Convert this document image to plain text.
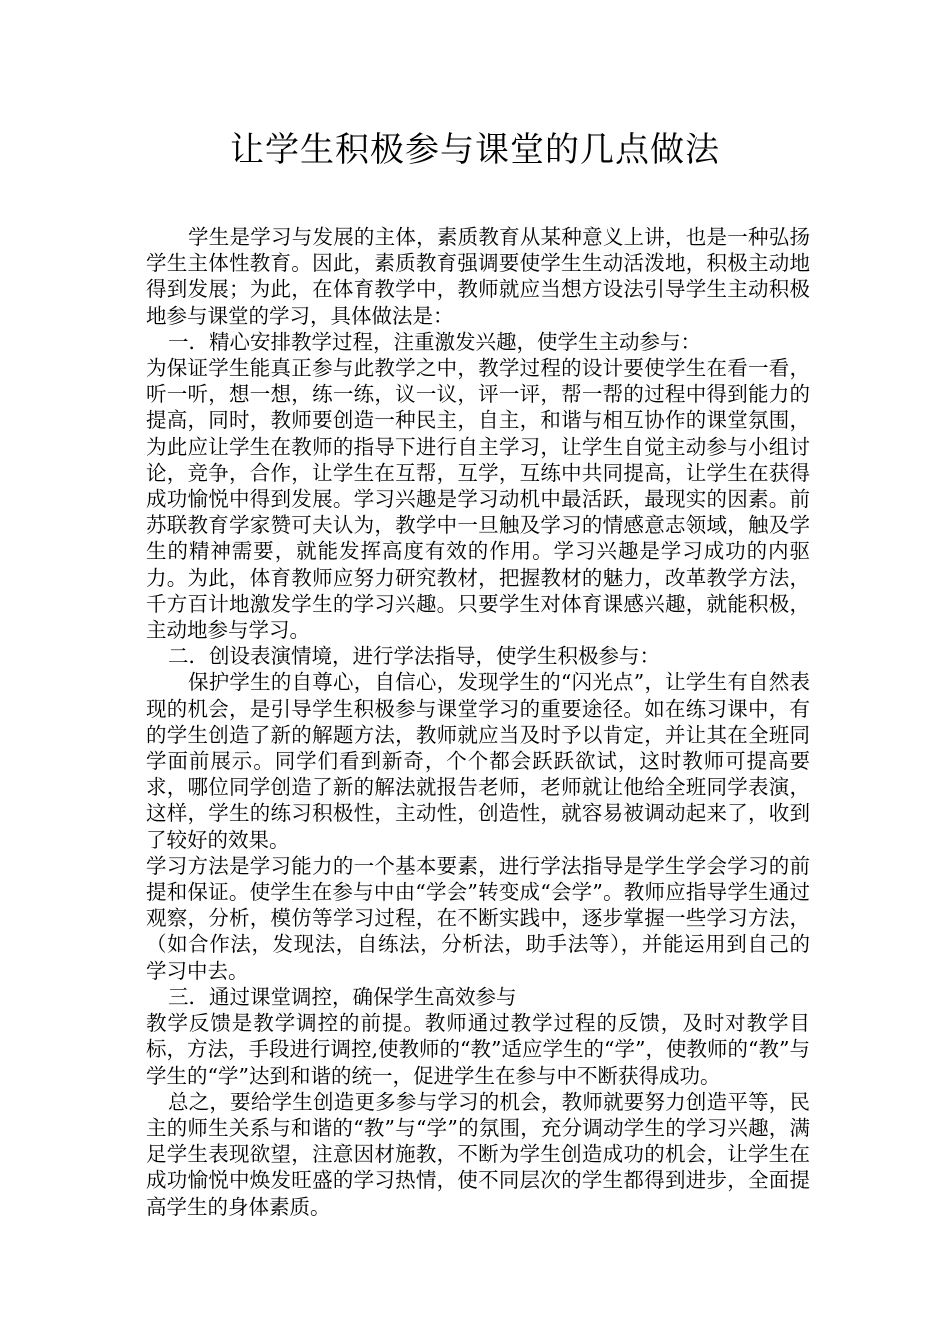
让学生积极参与课堂的几点做法

学生是学习与发展的主体，素质教育从某种意义上讲，也是一种弘扬学生主体性教育。因此，素质教育强调要使学生生动活泼地，积极主动地得到发展；为此，在体育教学中，教师就应当想方设法引导学生主动积极地参与课堂的学习，具体做法是：

一．精心安排教学过程，注重激发兴趣，使学生主动参与：

为保证学生能真正参与此教学之中，教学过程的设计要使学生在看一看，听一听，想一想，练一练，议一议，评一评，帮一帮的过程中得到能力的提高，同时，教师要创造一种民主，自主，和谐与相互协作的课堂氛围，为此应让学生在教师的指导下进行自主学习，让学生自觉主动参与小组讨论，竞争，合作，让学生在互帮，互学，互练中共同提高，让学生在获得成功愉悦中得到发展。学习兴趣是学习动机中最活跃，最现实的因素。前苏联教育学家赞可夫认为，教学中一旦触及学习的情感意志领域，触及学生的精神需要，就能发挥高度有效的作用。学习兴趣是学习成功的内驱力。为此，体育教师应努力研究教材，把握教材的魅力，改革教学方法，千方百计地激发学生的学习兴趣。只要学生对体育课感兴趣，就能积极，主动地参与学习。

二．创设表演情境，进行学法指导，使学生积极参与：

保护学生的自尊心，自信心，发现学生的“闪光点”，让学生有自然表现的机会，是引导学生积极参与课堂学习的重要途径。如在练习课中，有的学生创造了新的解题方法，教师就应当及时予以肯定，并让其在全班同学面前展示。同学们看到新奇，个个都会跃跃欲试，这时教师可提高要求，哪位同学创造了新的解法就报告老师，老师就让他给全班同学表演，这样，学生的练习积极性，主动性，创造性，就容易被调动起来了，收到了较好的效果。

学习方法是学习能力的一个基本要素，进行学法指导是学生学会学习的前提和保证。使学生在参与中由“学会”转变成“会学”。教师应指导学生通过观察，分析，模仿等学习过程，在不断实践中，逐步掌握一些学习方法，（如合作法，发现法，自练法，分析法，助手法等），并能运用到自己的学习中去。

三．通过课堂调控，确保学生高效参与

教学反馈是教学调控的前提。教师通过教学过程的反馈，及时对教学目标，方法，手段进行调控,使教师的“教”适应学生的“学”，使教师的“教”与学生的“学”达到和谐的统一，促进学生在参与中不断获得成功。

总之，要给学生创造更多参与学习的机会，教师就要努力创造平等，民主的师生关系与和谐的“教”与“学”的氛围，充分调动学生的学习兴趣，满足学生表现欲望，注意因材施教，不断为学生创造成功的机会，让学生在成功愉悦中焕发旺盛的学习热情，使不同层次的学生都得到进步，全面提高学生的身体素质。
